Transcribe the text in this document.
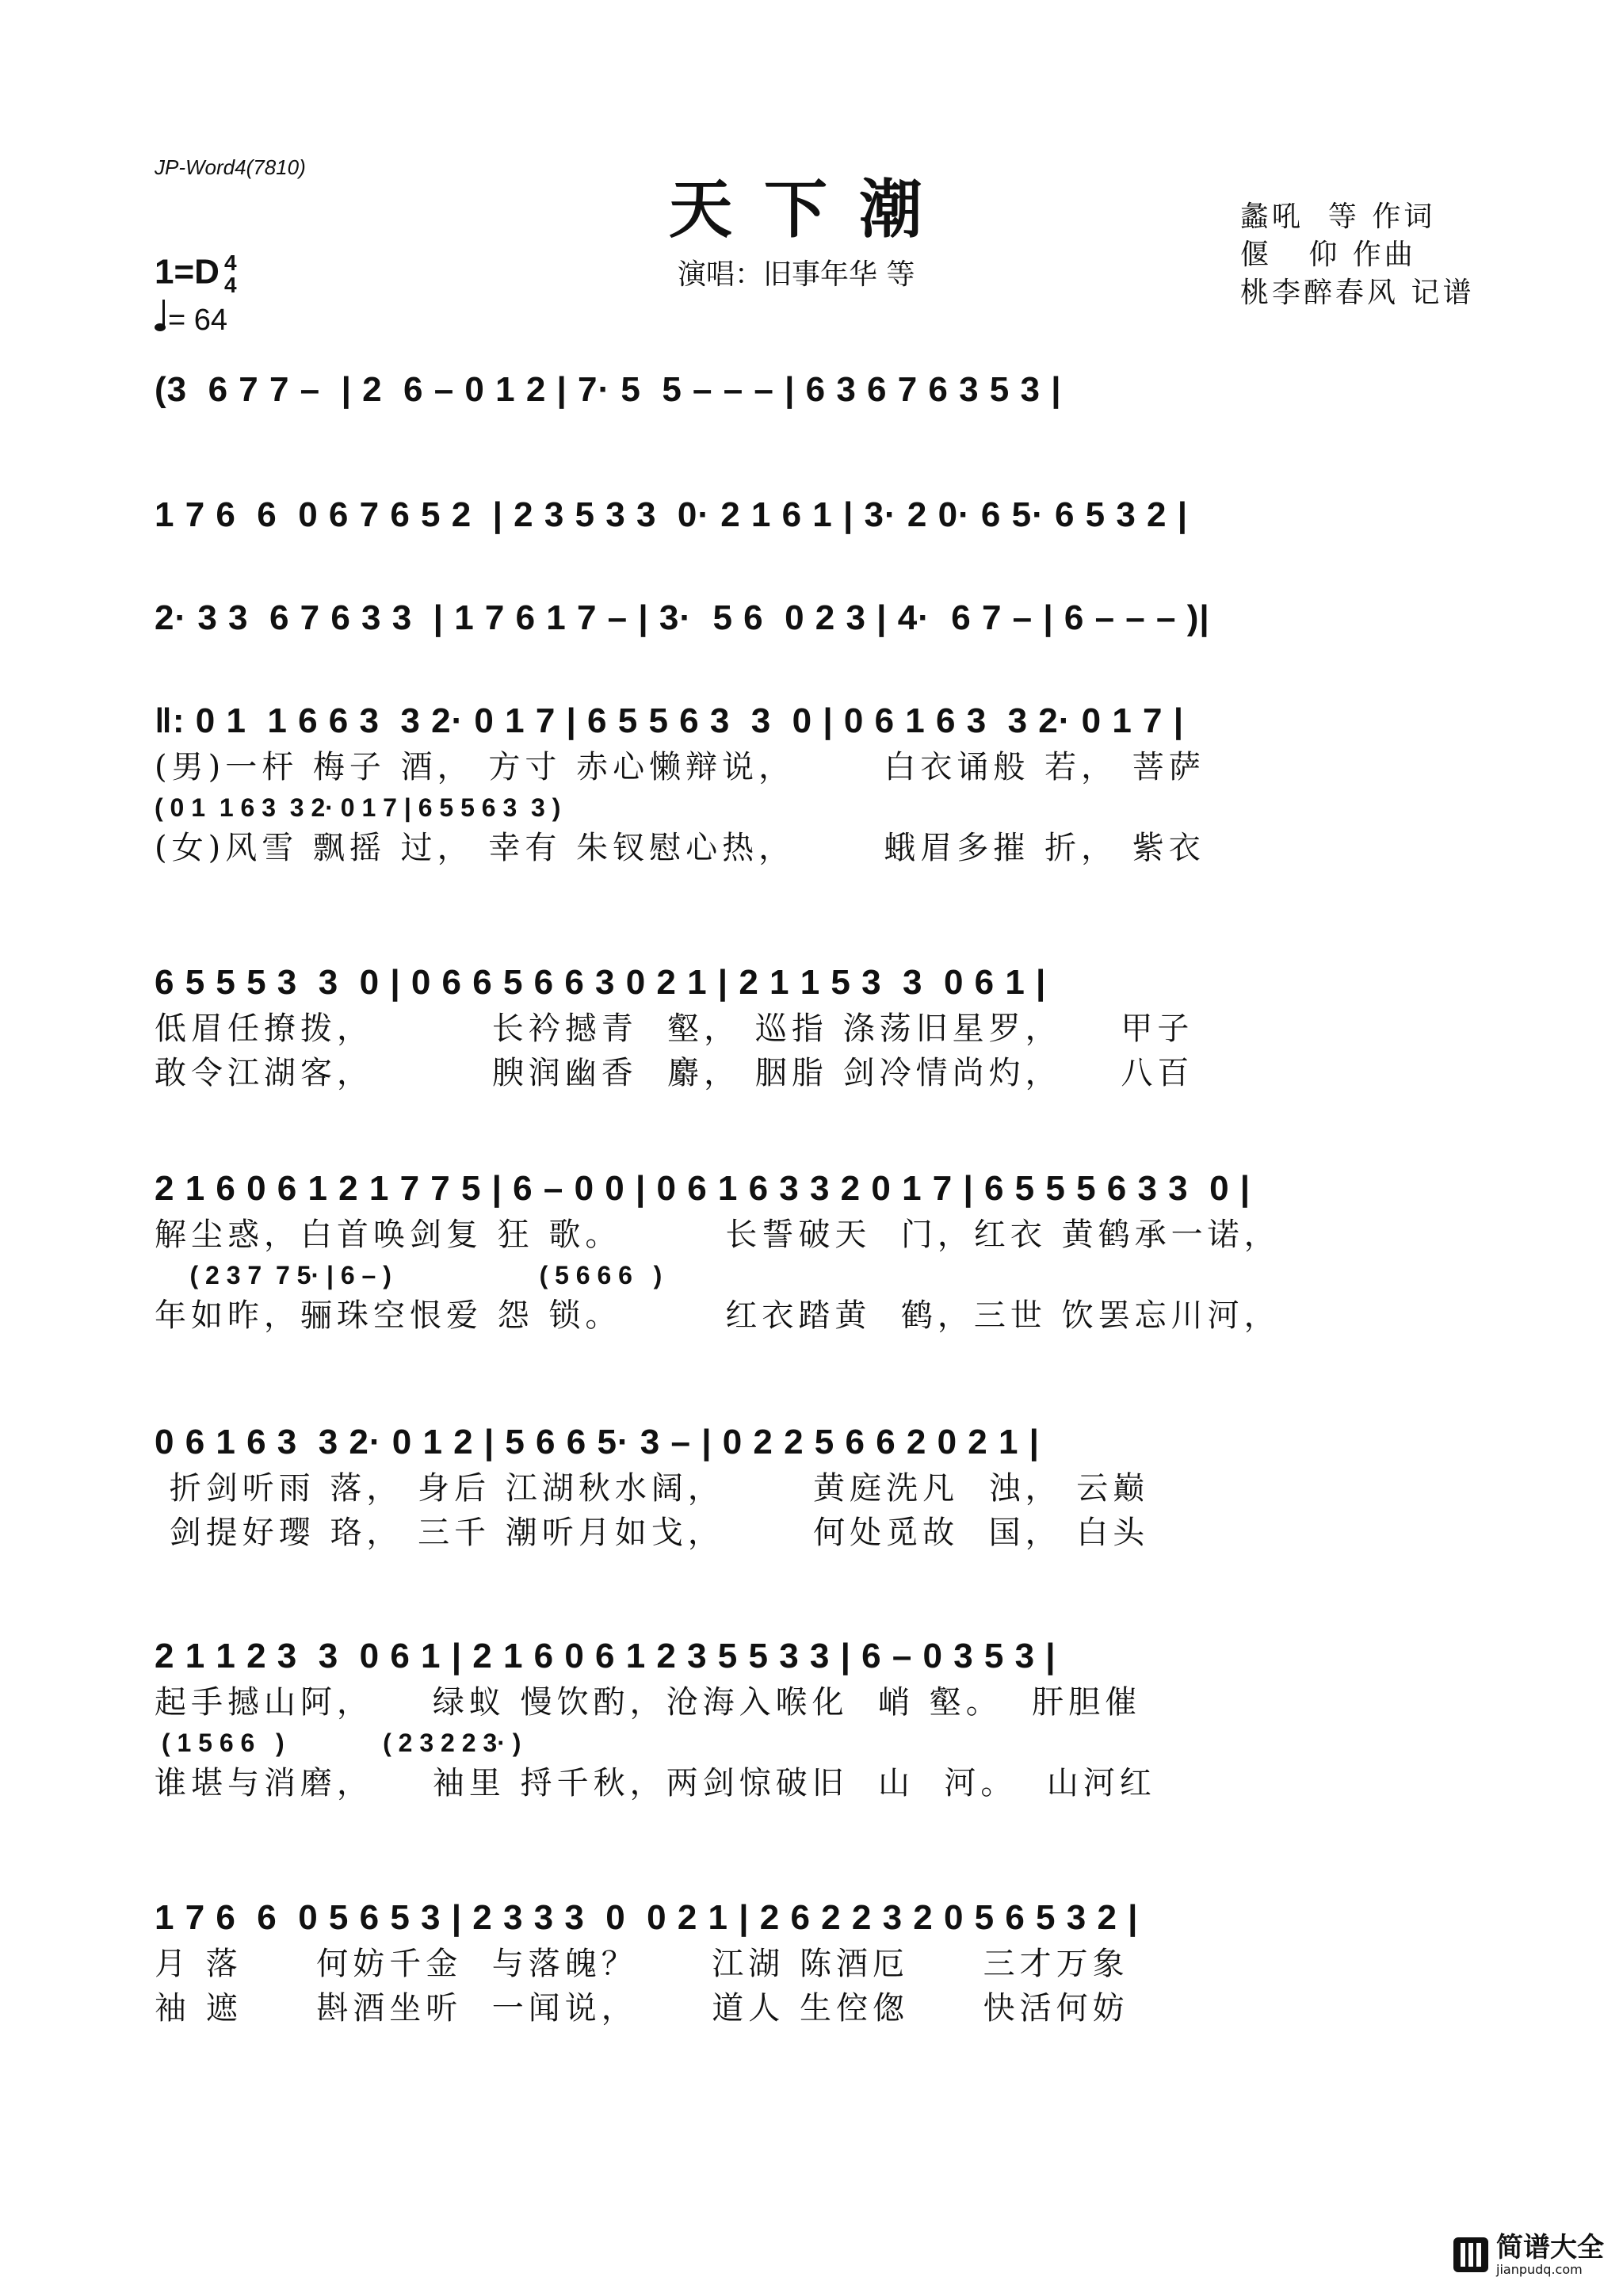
JP-Word4(7810)
天下潮
演唱：旧事年华 等
蠡吼  等 作词
偃   仰 作曲
桃李醉春风 记谱
1=D 4
4
= 64
(3  6 7 7 –  | 2  6 – 0 1 2 | 7· 5  5 – – – | 6 3 6 7 6 3 5 3 |
1 7 6  6  0 6 7 6 5 2  | 2 3 5 3 3  0· 2 1 6 1 | 3· 2 0· 6 5· 6 5 3 2 |
2· 3 3  6 7 6 3 3  | 1 7 6 1 7 – | 3·  5 6  0 2 3 | 4·  6 7 – | 6 – – – )|
‖: 0 1  1 6 6 3  3 2· 0 1 7 | 6 5 5 6 3  3  0 | 0 6 1 6 3  3 2· 0 1 7 |
(男)一杆 梅子 酒， 方寸 赤心懒辩说，      白衣诵般 若， 菩萨
( 0 1  1 6 3  3 2· 0 1 7 | 6 5 5 6 3  3 )
(女)风雪 飘摇 过， 幸有 朱钗慰心热，      蛾眉多摧 折， 紫衣
6 5 5 5 3  3  0 | 0 6 6 5 6 6 3 0 2 1 | 2 1 1 5 3  3  0 6 1 |
低眉任撩拨，        长衿撼青  壑， 巡指 涤荡旧星罗，    甲子
敢令江湖客，        腴润幽香  麝， 胭脂 剑冷情尚灼，    八百
2 1 6 0 6 1 2 1 7 7 5 | 6 – 0 0 | 0 6 1 6 3 3 2 0 1 7 | 6 5 5 5 6 3 3  0 |
解尘惑，白首唤剑复 狂 歌。       长誓破天  门，红衣 黄鹤承一诺，
( 2 3 7  7 5· | 6 – )                     ( 5 6 6 6   )
年如昨，骊珠空恨爱 怨 锁。       红衣踏黄  鹤，三世 饮罢忘川河，
0 6 1 6 3  3 2· 0 1 2 | 5 6 6 5· 3 – | 0 2 2 5 6 6 2 0 2 1 |
折剑听雨 落， 身后 江湖秋水阔，      黄庭洗凡  浊， 云巅
剑提好璎 珞， 三千 潮听月如戈，      何处觅故  国， 白头
2 1 1 2 3  3  0 6 1 | 2 1 6 0 6 1 2 3 5 5 3 3 | 6 – 0 3 5 3 |
起手撼山阿，    绿蚁 慢饮酌，沧海入喉化  峭 壑。  肝胆催
( 1 5 6 6   )              ( 2 3 2 2 3· )
谁堪与消磨，    袖里 捋千秋，两剑惊破旧  山  河。  山河红
1 7 6  6  0 5 6 5 3 | 2 3 3 3  0  0 2 1 | 2 6 2 2 3 2 0 5 6 5 3 2 |
月 落     何妨千金  与落魄？     江湖 陈酒厄     三才万象
袖 遮     斟酒坐听  一闻说，     道人 生倥偬     快活何妨
简谱大全
jianpudq.com
